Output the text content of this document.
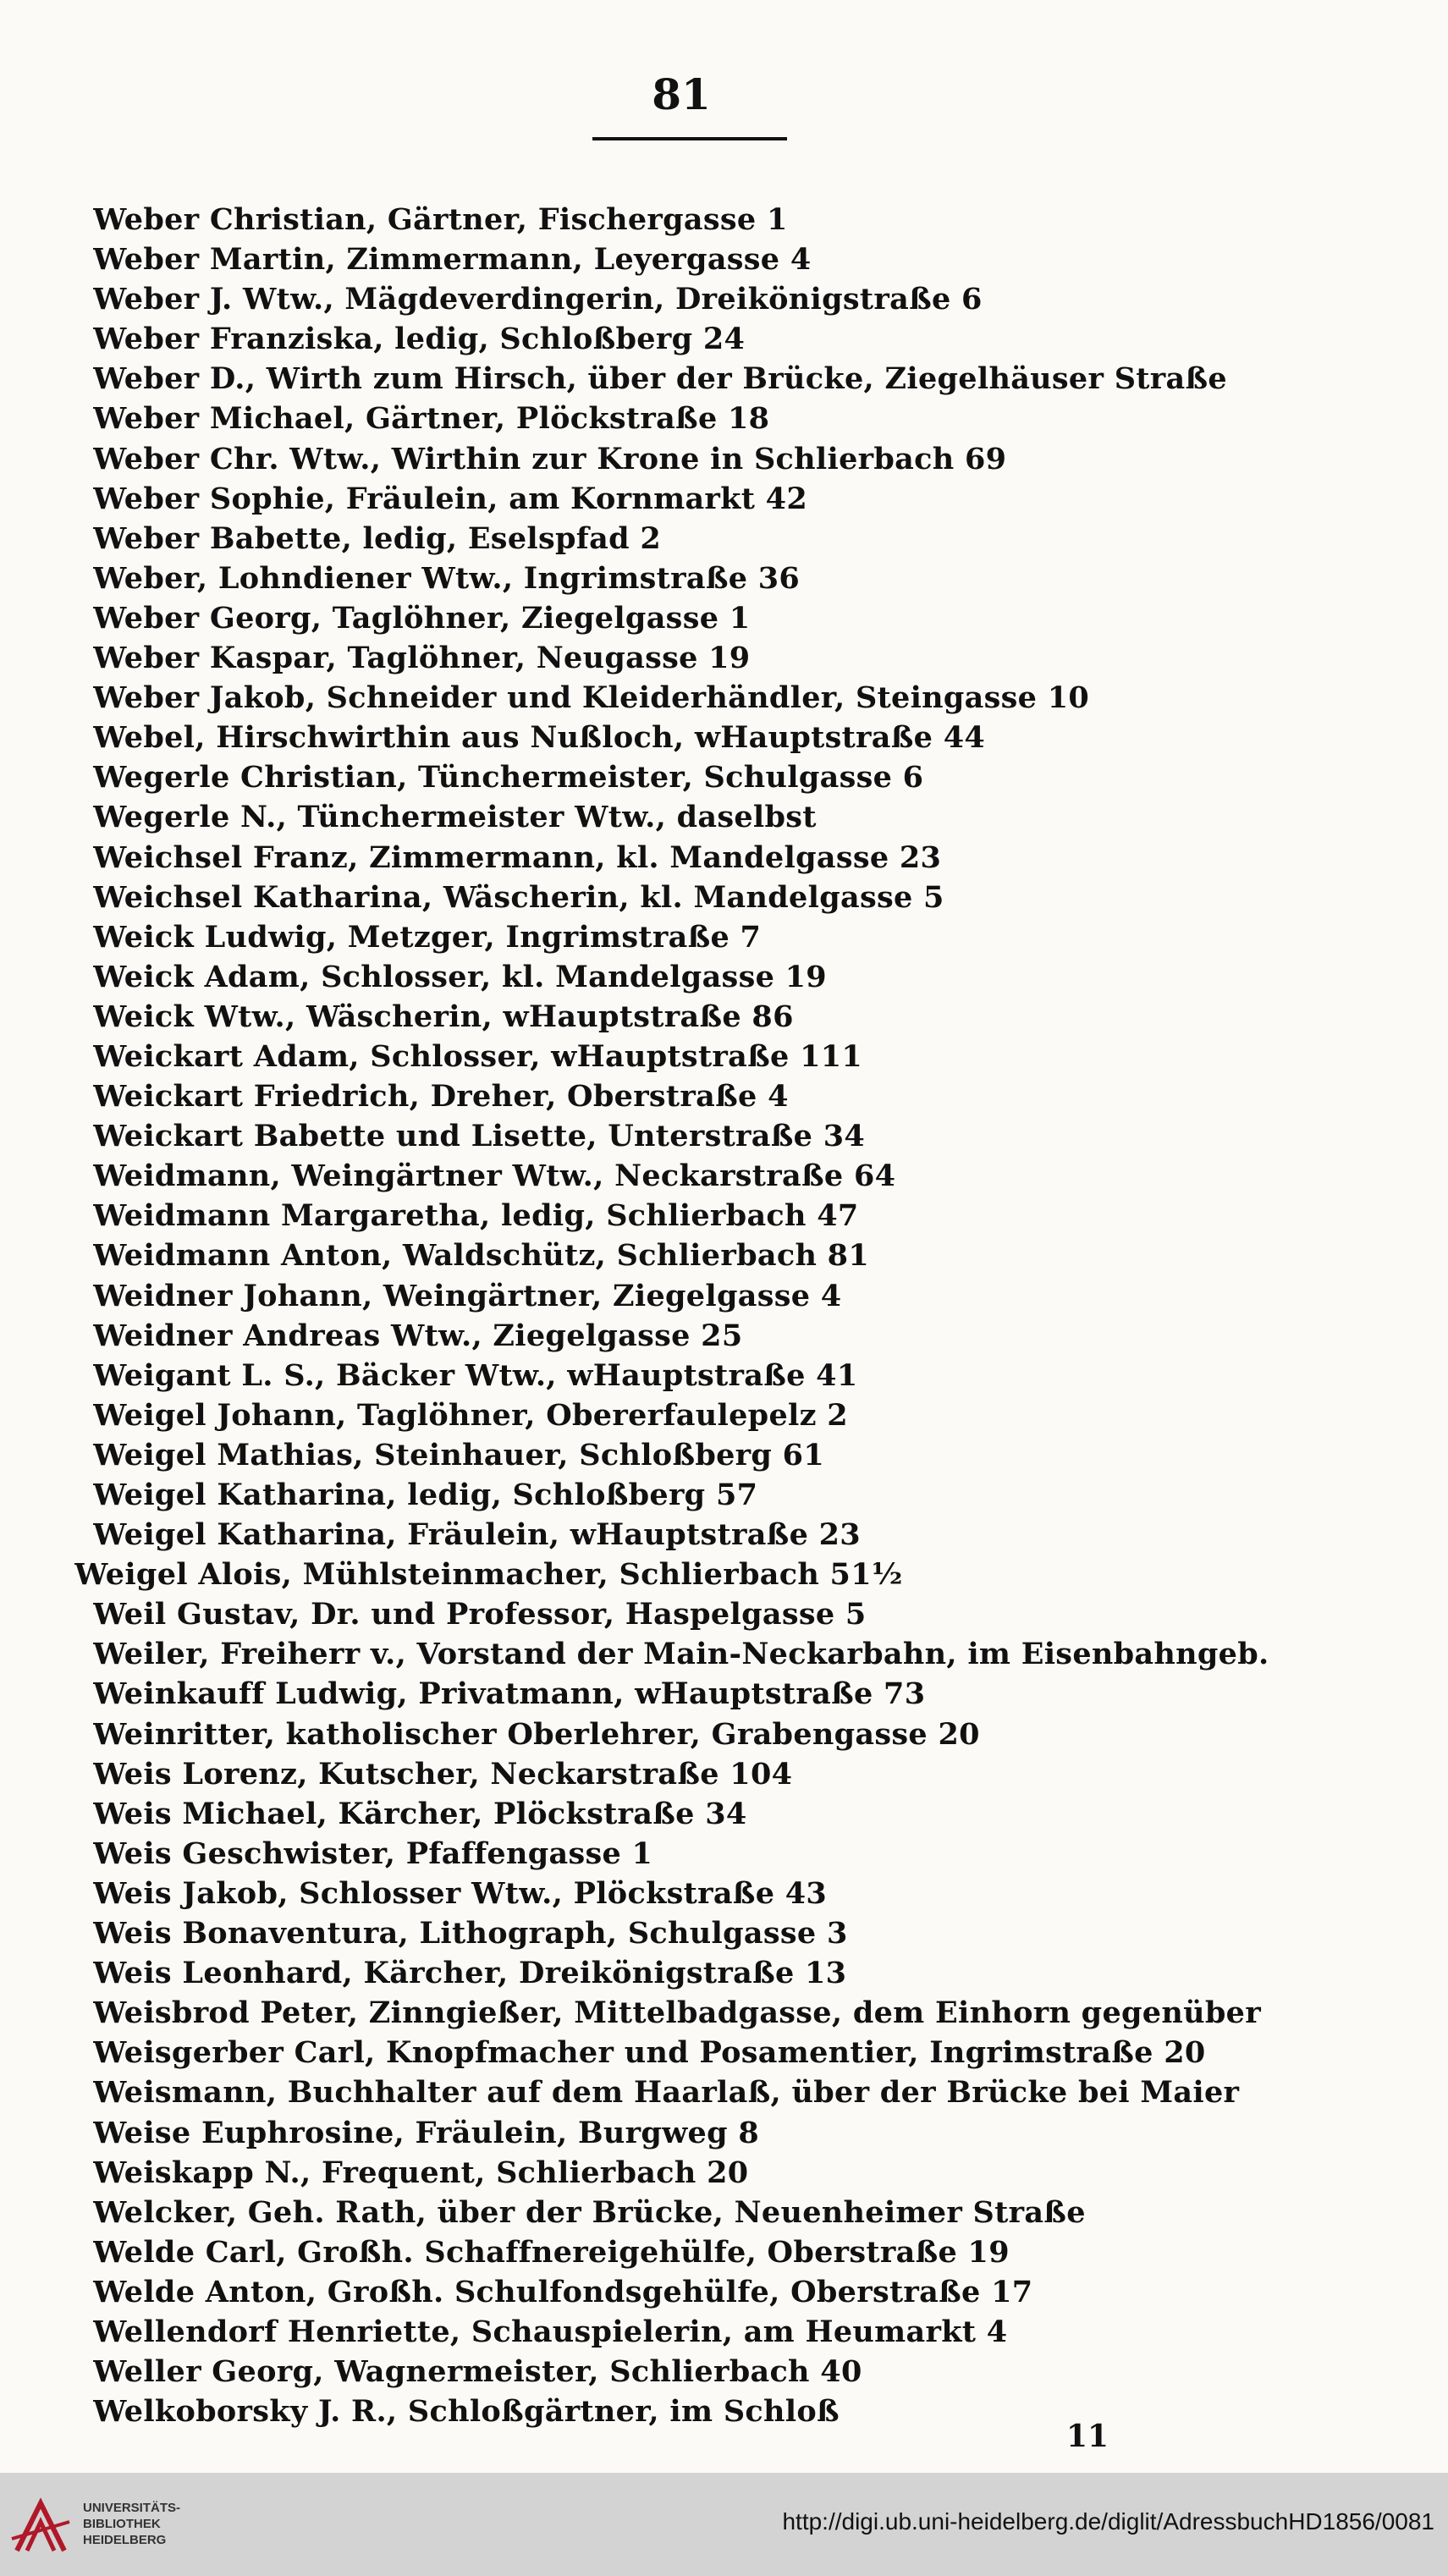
81
Weber Christian, Gärtner, Fischergasse 1
Weber Martin, Zimmermann, Leyergasse 4
Weber J. Wtw., Mägdeverdingerin, Dreikönigstraße 6
Weber Franziska, ledig, Schloßberg 24
Weber D., Wirth zum Hirsch, über der Brücke, Ziegelhäuser Straße
Weber Michael, Gärtner, Plöckstraße 18
Weber Chr. Wtw., Wirthin zur Krone in Schlierbach 69
Weber Sophie, Fräulein, am Kornmarkt 42
Weber Babette, ledig, Eselspfad 2
Weber, Lohndiener Wtw., Ingrimstraße 36
Weber Georg, Taglöhner, Ziegelgasse 1
Weber Kaspar, Taglöhner, Neugasse 19
Weber Jakob, Schneider und Kleiderhändler, Steingasse 10
Webel, Hirschwirthin aus Nußloch, wHauptstraße 44
Wegerle Christian, Tünchermeister, Schulgasse 6
Wegerle N., Tünchermeister Wtw., daselbst
Weichsel Franz, Zimmermann, kl. Mandelgasse 23
Weichsel Katharina, Wäscherin, kl. Mandelgasse 5
Weick Ludwig, Metzger, Ingrimstraße 7
Weick Adam, Schlosser, kl. Mandelgasse 19
Weick Wtw., Wäscherin, wHauptstraße 86
Weickart Adam, Schlosser, wHauptstraße 111
Weickart Friedrich, Dreher, Oberstraße 4
Weickart Babette und Lisette, Unterstraße 34
Weidmann, Weingärtner Wtw., Neckarstraße 64
Weidmann Margaretha, ledig, Schlierbach 47
Weidmann Anton, Waldschütz, Schlierbach 81
Weidner Johann, Weingärtner, Ziegelgasse 4
Weidner Andreas Wtw., Ziegelgasse 25
Weigant L. S., Bäcker Wtw., wHauptstraße 41
Weigel Johann, Taglöhner, Obererfaulepelz 2
Weigel Mathias, Steinhauer, Schloßberg 61
Weigel Katharina, ledig, Schloßberg 57
Weigel Katharina, Fräulein, wHauptstraße 23
Weigel Alois, Mühlsteinmacher, Schlierbach 51½
Weil Gustav, Dr. und Professor, Haspelgasse 5
Weiler, Freiherr v., Vorstand der Main-Neckarbahn, im Eisenbahngeb.
Weinkauff Ludwig, Privatmann, wHauptstraße 73
Weinritter, katholischer Oberlehrer, Grabengasse 20
Weis Lorenz, Kutscher, Neckarstraße 104
Weis Michael, Kärcher, Plöckstraße 34
Weis Geschwister, Pfaffengasse 1
Weis Jakob, Schlosser Wtw., Plöckstraße 43
Weis Bonaventura, Lithograph, Schulgasse 3
Weis Leonhard, Kärcher, Dreikönigstraße 13
Weisbrod Peter, Zinngießer, Mittelbadgasse, dem Einhorn gegenüber
Weisgerber Carl, Knopfmacher und Posamentier, Ingrimstraße 20
Weismann, Buchhalter auf dem Haarlaß, über der Brücke bei Maier
Weise Euphrosine, Fräulein, Burgweg 8
Weiskapp N., Frequent, Schlierbach 20
Welcker, Geh. Rath, über der Brücke, Neuenheimer Straße
Welde Carl, Großh. Schaffnereigehülfe, Oberstraße 19
Welde Anton, Großh. Schulfondsgehülfe, Oberstraße 17
Wellendorf Henriette, Schauspielerin, am Heumarkt 4
Weller Georg, Wagnermeister, Schlierbach 40
Welkoborsky J. R., Schloßgärtner, im Schloß
11
UNIVERSITÄTS-
BIBLIOTHEK
HEIDELBERG
http://digi.ub.uni-heidelberg.de/diglit/AdressbuchHD1856/0081
